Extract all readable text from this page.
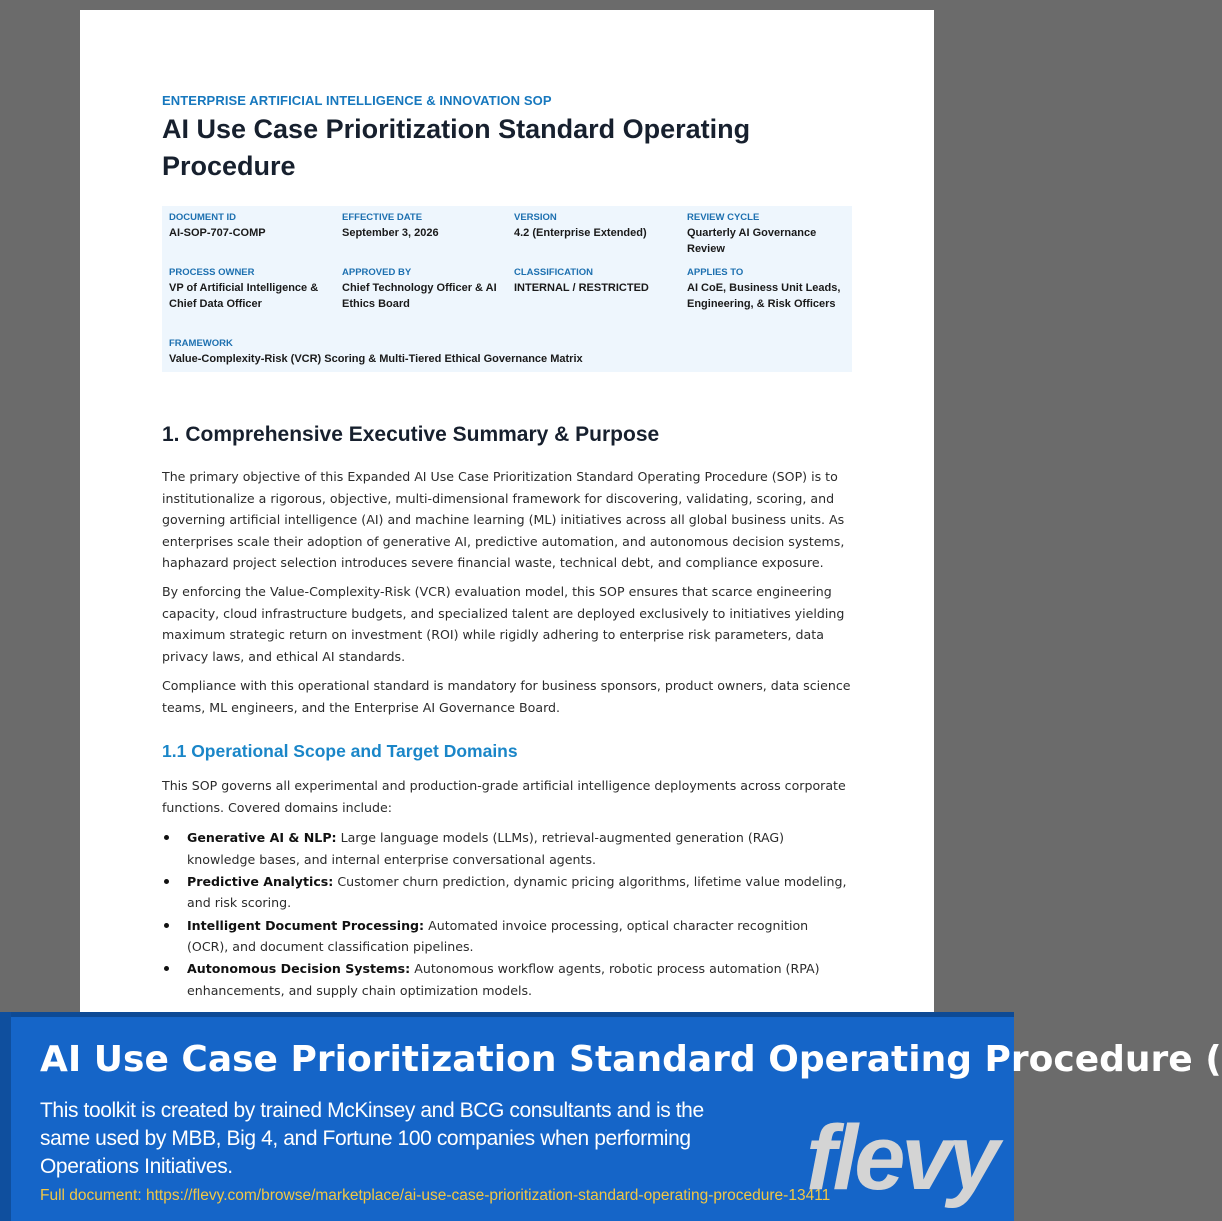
ENTERPRISE ARTIFICIAL INTELLIGENCE & INNOVATION SOP
AI Use Case Prioritization Standard Operating Procedure
DOCUMENT ID
AI-SOP-707-COMP
EFFECTIVE DATE
September 3, 2026
VERSION
4.2 (Enterprise Extended)
REVIEW CYCLE
Quarterly AI Governance Review
PROCESS OWNER
VP of Artificial Intelligence & Chief Data Officer
APPROVED BY
Chief Technology Officer & AI Ethics Board
CLASSIFICATION
INTERNAL / RESTRICTED
APPLIES TO
AI CoE, Business Unit Leads, Engineering, & Risk Officers
FRAMEWORK
Value-Complexity-Risk (VCR) Scoring & Multi-Tiered Ethical Governance Matrix
1. Comprehensive Executive Summary & Purpose

The primary objective of this Expanded AI Use Case Prioritization Standard Operating Procedure (SOP) is to institutionalize a rigorous, objective, multi-dimensional framework for discovering, validating, scoring, and governing artificial intelligence (AI) and machine learning (ML) initiatives across all global business units. As enterprises scale their adoption of generative AI, predictive automation, and autonomous decision systems, haphazard project selection introduces severe financial waste, technical debt, and compliance exposure.

By enforcing the Value-Complexity-Risk (VCR) evaluation model, this SOP ensures that scarce engineering capacity, cloud infrastructure budgets, and specialized talent are deployed exclusively to initiatives yielding maximum strategic return on investment (ROI) while rigidly adhering to enterprise risk parameters, data privacy laws, and ethical AI standards.

Compliance with this operational standard is mandatory for business sponsors, product owners, data science teams, ML engineers, and the Enterprise AI Governance Board.

1.1 Operational Scope and Target Domains

This SOP governs all experimental and production-grade artificial intelligence deployments across corporate functions. Covered domains include:

Generative AI & NLP: Large language models (LLMs), retrieval-augmented generation (RAG) knowledge bases, and internal enterprise conversational agents.
Predictive Analytics: Customer churn prediction, dynamic pricing algorithms, lifetime value modeling, and risk scoring.
Intelligent Document Processing: Automated invoice processing, optical character recognition (OCR), and document classification pipelines.
Autonomous Decision Systems: Autonomous workflow agents, robotic process automation (RPA) enhancements, and supply chain optimization models.
AI Use Case Prioritization Standard Operating Procedure (
This toolkit is created by trained McKinsey and BCG consultants and is the same used by MBB, Big 4, and Fortune 100 companies when performing Operations Initiatives.
Full document: https://flevy.com/browse/marketplace/ai-use-case-prioritization-standard-operating-procedure-13411
flevy
